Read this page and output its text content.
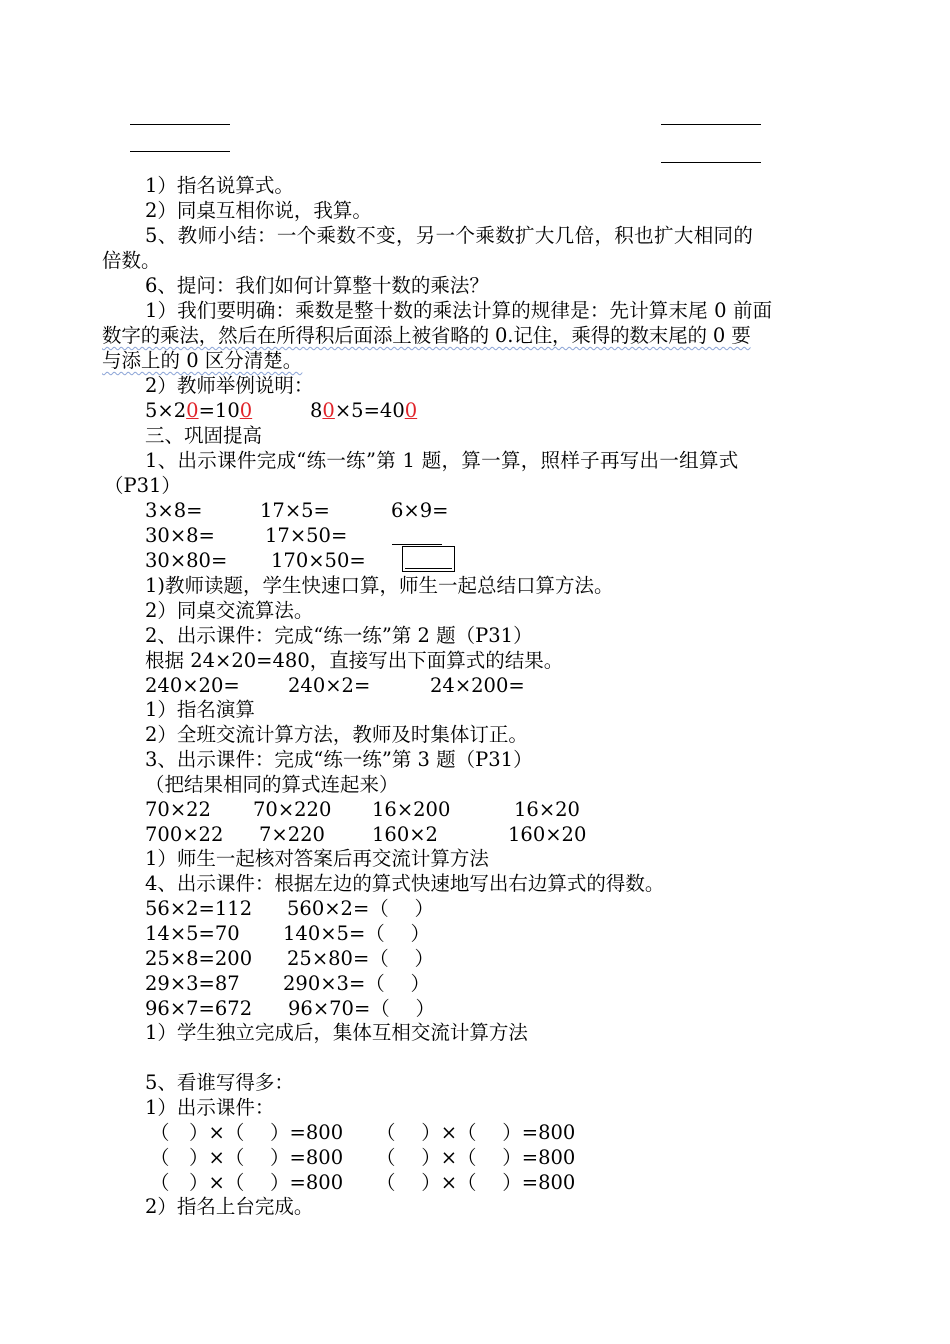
1）指名说算式。
2）同桌互相你说，我算。
5、教师小结：一个乘数不变，另一个乘数扩大几倍，积也扩大相同的
倍数。
6、提问：我们如何计算整十数的乘法？
1）我们要明确：乘数是整十数的乘法计算的规律是：先计算末尾 0 前面
数字的乘法，然后在所得积后面添上被省略的 0.记住，乘得的数末尾的 0 要
与添上的 0 区分清楚。
2）教师举例说明：
5×20=100	80×5=400
三、巩固提高
1、出示课件完成“练一练”第 1 题，算一算，照样子再写出一组算式
（P31）
3×8=	17×5=	6×9=
30×8=	17×50=
30×80= 170×50=
1)教师读题，学生快速口算，师生一起总结口算方法。
2）同桌交流算法。
2、出示课件：完成“练一练”第 2 题（P31）
根据 24×20=480，直接写出下面算式的结果。
240×20= 240×2=	24×200=
1）指名演算
2）全班交流计算方法，教师及时集体订正。
3、出示课件：完成“练一练”第 3 题（P31）
（把结果相同的算式连起来）
70×22 70×220 16×200	16×20
700×22 7×220 160×2	160×20
1）师生一起核对答案后再交流计算方法
4、出示课件：根据左边的算式快速地写出右边算式的得数。
56×2=112 560×2=（　 ）
14×5=70 140×5=（　 ）
25×8=200 25×80=（　 ）
29×3=87 290×3=（　 ）
96×7=672 96×70=（　 ）
1）学生独立完成后，集体互相交流计算方法
5、看谁写得多：
1）出示课件：
（　）×（　 ）=800 （　 ）×（　 ）=800
（　）×（　 ）=800 （　 ）×（　 ）=800
（　）×（　 ）=800 （　 ）×（　 ）=800
2）指名上台完成。
